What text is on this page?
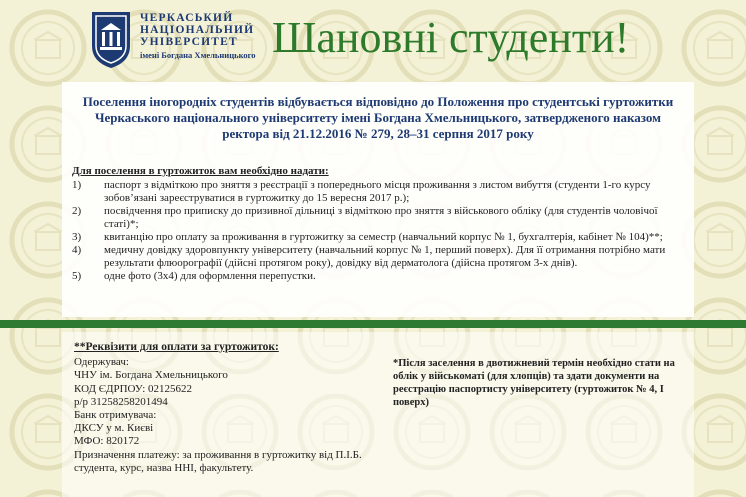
ЧЕРКАСЬКИЙ
НАЦІОНАЛЬНИЙ
УНІВЕРСИТЕТ
імені Богдана Хмельницького Шановні студенти!
Поселення іногородніх студентів відбувається відповідно до Положення про студентські гуртожитки Черкаського національного університету імені Богдана Хмельницького, затвердженого наказом ректора від 21.12.2016 № 279, 28–31 серпня 2017 року
Для поселення в гуртожиток вам необхідно надати:
1) паспорт з відміткою про зняття з реєстрації з попереднього місця проживання з листом вибуття (студенти 1-го курсу зобов’язані зареєструватися в гуртожитку до 15 вересня 2017 р.);
2) посвідчення про приписку до призивної дільниці з відміткою про зняття з військового обліку (для студентів чоловічої статі)*;
3) квитанцію про оплату за проживання в гуртожитку за семестр (навчальний корпус № 1, бухгалтерія, кабінет № 104)**;
4) медичну довідку здоровпункту університету (навчальний корпус № 1, перший поверх). Для її отримання потрібно мати результати флюорографії (дійсні протягом року), довідку від дерматолога (дійсна протягом 3-х днів).
5) одне фото (3x4) для оформлення перепустки.
**Реквізити для оплати за гуртожиток:
Одержувач:
ЧНУ ім. Богдана Хмельницького
КОД ЄДРПОУ: 02125622
р/р 31258258201494
Банк отримувача:
ДКСУ у м. Києві
МФО: 820172
Призначення платежу: за проживання в гуртожитку від П.І.Б. студента, курс, назва ННІ, факультету.
*Після заселення в двотижневий термін необхідно стати на облік у військоматі (для хлопців) та здати документи на реєстрацію паспортисту університету (гуртожиток № 4, І поверх)
